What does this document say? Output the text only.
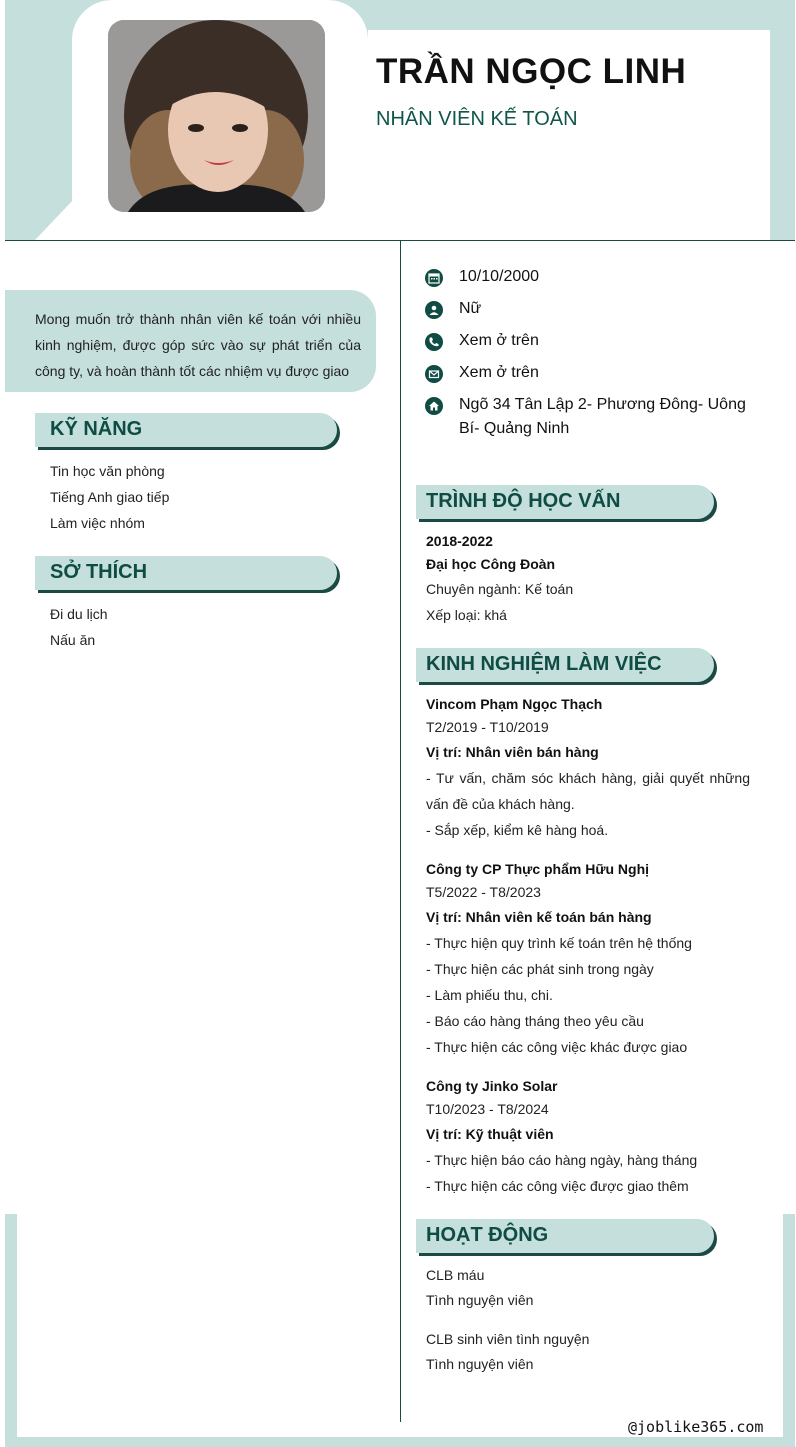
TRẦN NGỌC LINH
NHÂN VIÊN KẾ TOÁN
Mong muốn trở thành nhân viên kế toán với nhiều kinh nghiệm, được góp sức vào sự phát triển của công ty, và hoàn thành tốt các nhiệm vụ được giao
KỸ NĂNG
Tin học văn phòng
Tiếng Anh giao tiếp
Làm việc nhóm
SỞ THÍCH
Đi du lịch
Nấu ăn
10/10/2000
Nữ
Xem ở trên
Xem ở trên
Ngõ 34 Tân Lập 2- Phương Đông- Uông Bí- Quảng Ninh
TRÌNH ĐỘ HỌC VẤN
2018-2022
Đại học Công Đoàn
Chuyên ngành: Kế toán
Xếp loại: khá
KINH NGHIỆM LÀM VIỆC
Vincom Phạm Ngọc Thạch
T2/2019 - T10/2019
Vị trí: Nhân viên bán hàng
- Tư vấn, chăm sóc khách hàng, giải quyết những vấn đề của khách hàng.
- Sắp xếp, kiểm kê hàng hoá.
Công ty CP Thực phẩm Hữu Nghị
T5/2022 - T8/2023
Vị trí: Nhân viên kế toán bán hàng
- Thực hiện quy trình kế toán trên hệ thống
- Thực hiện các phát sinh trong ngày
- Làm phiếu thu, chi.
- Báo cáo hàng tháng theo yêu cầu
- Thực hiện các công việc khác được giao
Công ty Jinko Solar
T10/2023 - T8/2024
Vị trí: Kỹ thuật viên
- Thực hiện báo cáo hàng ngày, hàng tháng
- Thực hiện các công việc được giao thêm
HOẠT ĐỘNG
CLB máu
Tình nguyện viên
CLB sinh viên tình nguyện
Tình nguyện viên
@joblike365.com
